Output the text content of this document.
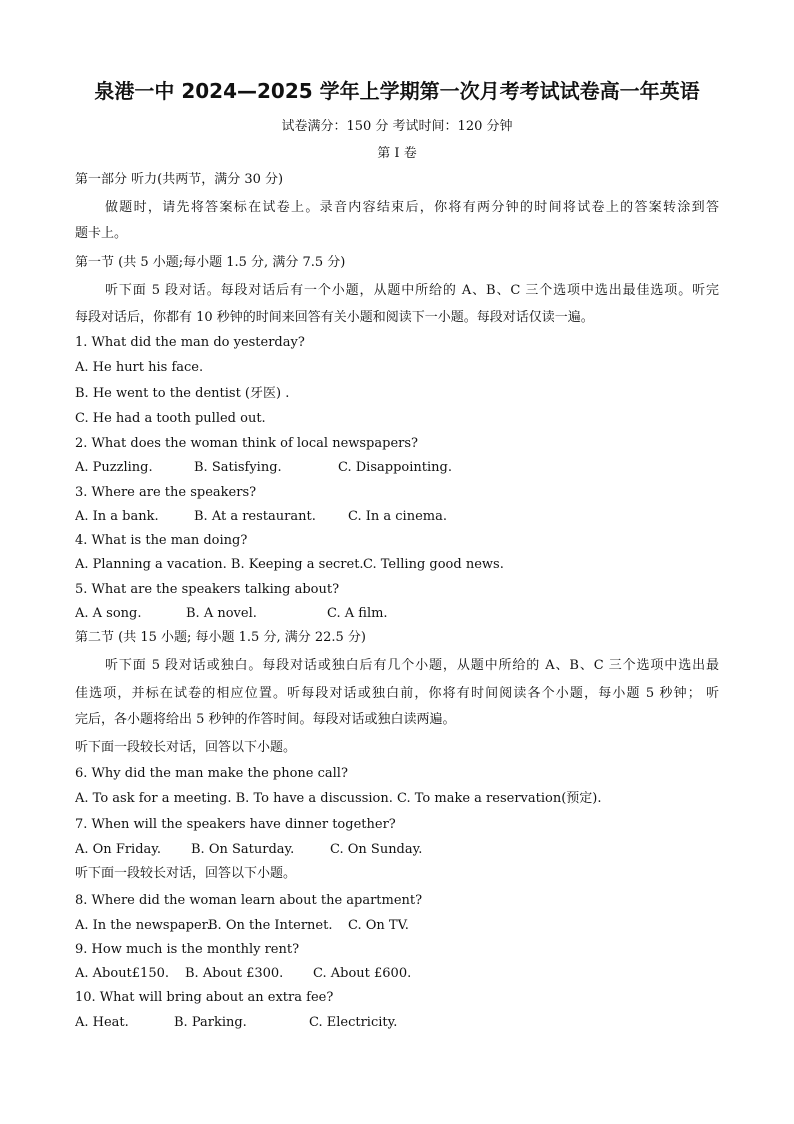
泉港一中 2024—2025 学年上学期第一次月考考试试卷高一年英语
试卷满分：150 分 考试时间：120 分钟
第 I 卷
第一部分 听力(共两节，满分 30 分)
做题时，请先将答案标在试卷上。录音内容结束后，你将有两分钟的时间将试卷上的答案转涂到答
题卡上。
第一节 (共 5 小题;每小题 1.5 分, 满分 7.5 分)
听下面 5 段对话。每段对话后有一个小题，从题中所给的 A、B、C 三个选项中选出最佳选项。听完
每段对话后，你都有 10 秒钟的时间来回答有关小题和阅读下一小题。每段对话仅读一遍。
1. What did the man do yesterday?
A. He hurt his face.
B. He went to the dentist (牙医) .
C. He had a tooth pulled out.
2. What does the woman think of local newspapers?
A. Puzzling.	B. Satisfying.	C. Disappointing.
3. Where are the speakers?
A. In a bank.	B. At a restaurant. C. In a cinema.
4. What is the man doing?
A. Planning a vacation. B. Keeping a secret.C. Telling good news.
5. What are the speakers talking about?
A. A song.	B. A novel.	C. A film.
第二节 (共 15 小题; 每小题 1.5 分, 满分 22.5 分)
听下面 5 段对话或独白。每段对话或独白后有几个小题，从题中所给的 A、B、C 三个选项中选出最
佳选项，并标在试卷的相应位置。听每段对话或独白前，你将有时间阅读各个小题，每小题 5 秒钟； 听
完后，各小题将给出 5 秒钟的作答时间。每段对话或独白读两遍。
听下面一段较长对话，回答以下小题。
6. Why did the man make the phone call?
A. To ask for a meeting. B. To have a discussion. C. To make a reservation(预定).
7. When will the speakers have dinner together?
A. On Friday. B. On Saturday.	C. On Sunday.
听下面一段较长对话，回答以下小题。
8. Where did the woman learn about the apartment?
A. In the newspaper.B. On the Internet. C. On TV.
9. How much is the monthly rent?
A. About£150. B. About £300. C. About £600.
10. What will bring about an extra fee?
A. Heat.	B. Parking.	C. Electricity.
